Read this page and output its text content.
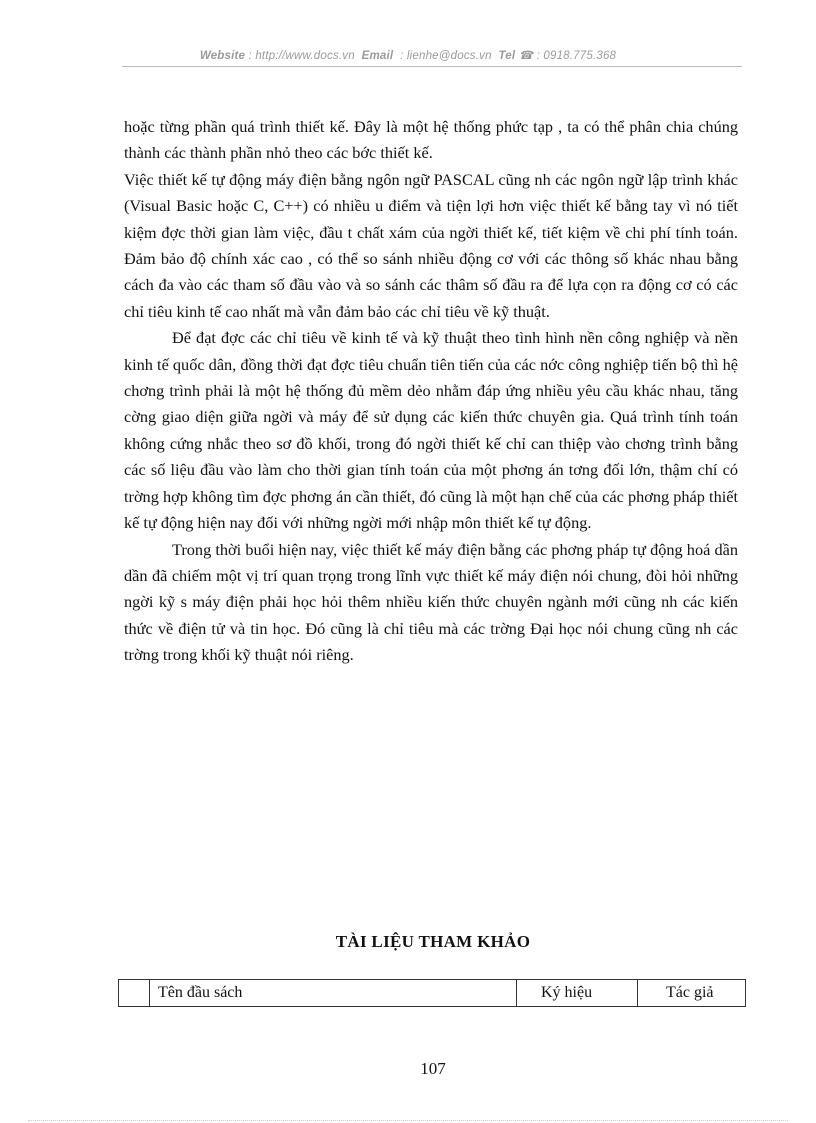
Website : http://www.docs.vn Email : lienhe@docs.vn Tel ☎ : 0918.775.368

hoặc từng phần quá trình thiết kế. Đây là một hệ thống phức tạp , ta có thể phân chia chúng thành các thành phần nhỏ theo các bớc thiết kế.

Việc thiết kế tự động máy điện bằng ngôn ngữ PASCAL cũng nh các ngôn ngữ lập trình khác (Visual Basic hoặc C, C++) có nhiều u điểm và tiện lợi hơn việc thiết kế bằng tay vì nó tiết kiệm đợc thời gian làm việc, đầu t chất xám của ngời thiết kế, tiết kiệm về chi phí tính toán. Đảm bảo độ chính xác cao , có thể so sánh nhiều động cơ với các thông số khác nhau bằng cách đa vào các tham số đầu vào và so sánh các thâm số đầu ra để lựa cọn ra động cơ có các chỉ tiêu kinh tế cao nhất mà vẫn đảm bảo các chỉ tiêu về kỹ thuật.

Để đạt đợc các chỉ tiêu về kinh tế và kỹ thuật theo tình hình nền công nghiệp và nền kinh tế quốc dân, đồng thời đạt đợc tiêu chuẩn tiên tiến của các nớc công nghiệp tiến bộ thì hệ chơng trình phải là một hệ thống đủ mềm dẻo nhằm đáp ứng nhiều yêu cầu khác nhau, tăng cờng giao diện giữa ngời và máy để sử dụng các kiến thức chuyên gia. Quá trình tính toán không cứng nhắc theo sơ đồ khối, trong đó ngời thiết kế chỉ can thiệp vào chơng trình bằng các số liệu đầu vào làm cho thời gian tính toán của một phơng án tơng đối lớn, thậm chí có trờng hợp không tìm đợc phơng án cần thiết, đó cũng là một hạn chế của các phơng pháp thiết kế tự động hiện nay đối với những ngời mới nhập môn thiết kế tự động.

Trong thời buổi hiện nay, việc thiết kế máy điện bằng các phơng pháp tự động hoá dần dần đã chiếm một vị trí quan trọng trong lĩnh vực thiết kế máy điện nói chung, đòi hỏi những ngời kỹ s máy điện phải học hỏi thêm nhiều kiến thức chuyên ngành mới cũng nh các kiến thức về điện tử và tin học. Đó cũng là chỉ tiêu mà các trờng Đại học nói chung cũng nh các trờng trong khối kỹ thuật nói riêng.

TÀI LIỆU THAM KHẢO
	Tên đầu sách	Ký hiệu	Tác giả
107
